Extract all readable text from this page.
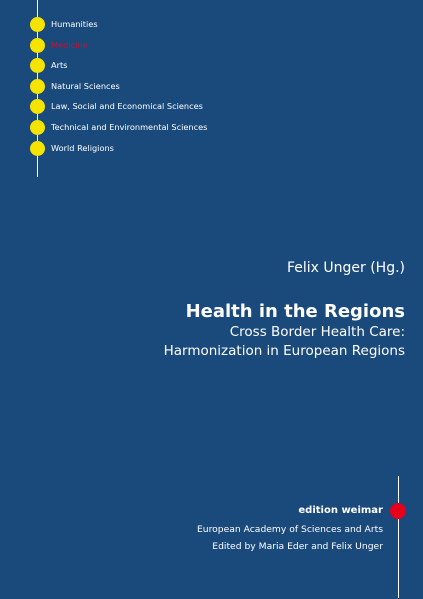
Humanities
Medicine
Arts
Natural Sciences
Law, Social and Economical Sciences
Technical and Environmental Sciences
World Religions
Felix Unger (Hg.)
Health in the Regions
Cross Border Health Care:
Harmonization in European Regions
edition weimar
European Academy of Sciences and Arts
Edited by Maria Eder and Felix Unger
